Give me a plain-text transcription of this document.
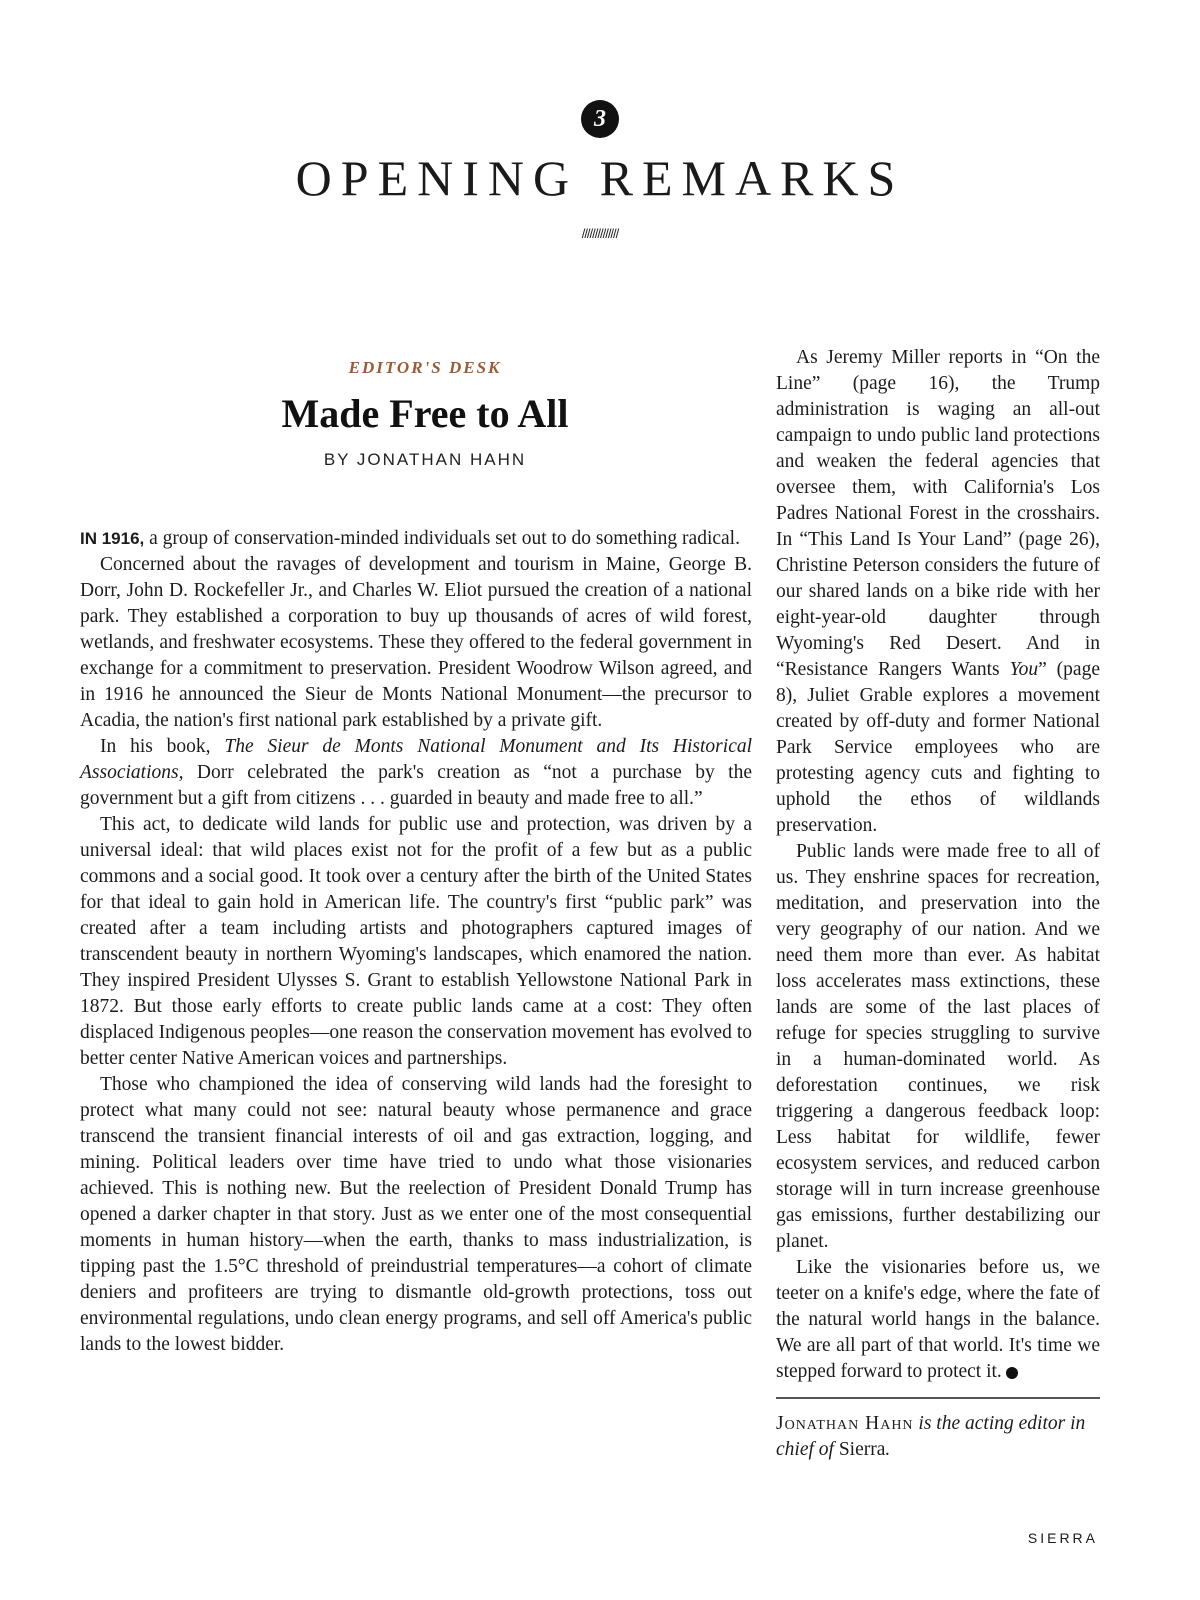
3
OPENING REMARKS
//////////////
EDITOR'S DESK
Made Free to All
BY JONATHAN HAHN

IN 1916, a group of conservation-minded individuals set out to do something radical.

Concerned about the ravages of development and tourism in Maine, George B. Dorr, John D. Rockefeller Jr., and Charles W. Eliot pursued the creation of a national park. They established a corporation to buy up thousands of acres of wild forest, wetlands, and freshwater ecosystems. These they offered to the federal government in exchange for a commitment to preservation. President Woodrow Wilson agreed, and in 1916 he announced the Sieur de Monts National Monument—the precursor to Acadia, the nation's first national park established by a private gift.

In his book, The Sieur de Monts National Monument and Its Historical Associations, Dorr celebrated the park's creation as “not a purchase by the government but a gift from citizens . . . guarded in beauty and made free to all.”

This act, to dedicate wild lands for public use and protection, was driven by a universal ideal: that wild places exist not for the profit of a few but as a public commons and a social good. It took over a century after the birth of the United States for that ideal to gain hold in American life. The country's first “public park” was created after a team including artists and photographers captured images of transcendent beauty in northern Wyoming's landscapes, which enamored the nation. They inspired President Ulysses S. Grant to establish Yellowstone National Park in 1872. But those early efforts to create public lands came at a cost: They often displaced Indigenous peoples—one reason the conservation movement has evolved to better center Native American voices and partnerships.

Those who championed the idea of conserving wild lands had the foresight to protect what many could not see: natural beauty whose permanence and grace transcend the transient financial interests of oil and gas extraction, logging, and mining. Political leaders over time have tried to undo what those visionaries achieved. This is nothing new. But the reelection of President Donald Trump has opened a darker chapter in that story. Just as we enter one of the most consequential moments in human history—when the earth, thanks to mass industrialization, is tipping past the 1.5°C threshold of preindustrial temperatures—a cohort of climate deniers and profiteers are trying to dismantle old-growth protections, toss out environmental regulations, undo clean energy programs, and sell off America's public lands to the lowest bidder.

As Jeremy Miller reports in “On the Line” (page 16), the Trump administration is waging an all-out campaign to undo public land protections and weaken the federal agencies that oversee them, with California's Los Padres National Forest in the crosshairs. In “This Land Is Your Land” (page 26), Christine Peterson considers the future of our shared lands on a bike ride with her eight-year-old daughter through Wyoming's Red Desert. And in “Resistance Rangers Wants You” (page 8), Juliet Grable explores a movement created by off-duty and former National Park Service employees who are protesting agency cuts and fighting to uphold the ethos of wildlands preservation.

Public lands were made free to all of us. They enshrine spaces for recreation, meditation, and preservation into the very geography of our nation. And we need them more than ever. As habitat loss accelerates mass extinctions, these lands are some of the last places of refuge for species struggling to survive in a human-dominated world. As deforestation continues, we risk triggering a dangerous feedback loop: Less habitat for wildlife, fewer ecosystem services, and reduced carbon storage will in turn increase greenhouse gas emissions, further destabilizing our planet.

Like the visionaries before us, we teeter on a knife's edge, where the fate of the natural world hangs in the balance. We are all part of that world. It's time we stepped forward to protect it.	S

Jonathan Hahn is the acting editor in chief of Sierra.

SIERRA
